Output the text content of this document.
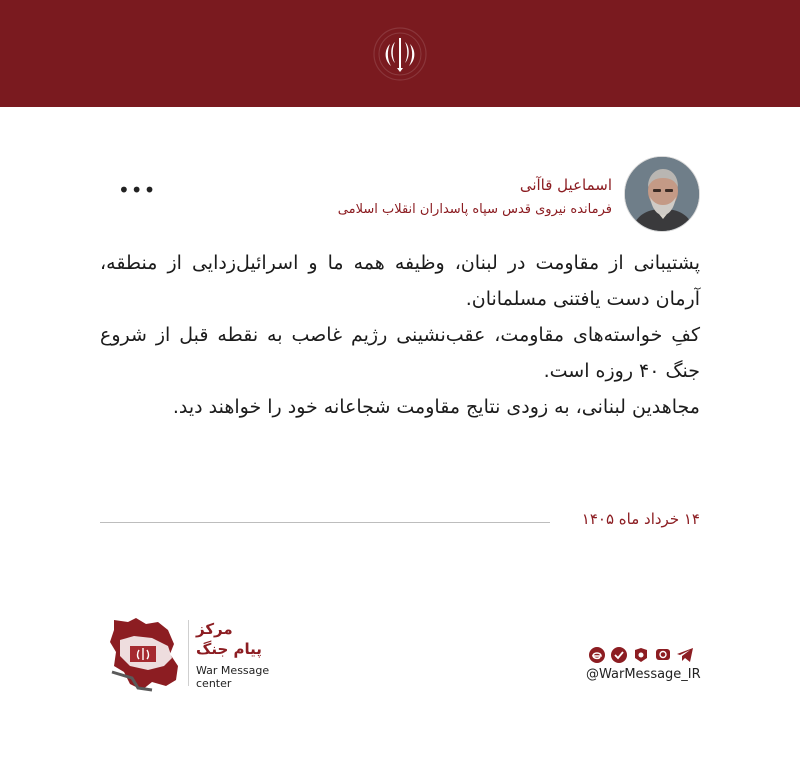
اسماعیل قاآنی
فرمانده نیروی قدس سپاه پاسداران انقلاب اسلامی
•••

پشتیبانی از مقاومت در لبنان، وظیفه همه ما و اسرائیل‌زدایی از منطقه، آرمان دست یافتنی مسلمانان.

کفِ خواسته‌های مقاومت، عقب‌نشینی رژیم غاصب به نقطه قبل از شروع جنگ ۴۰ روزه است.

مجاهدین لبنانی، به زودی نتایج مقاومت شجاعانه خود را خواهند دید.

۱۴ خرداد ماه ۱۴۰۵
مرکز
پیام جنگ
War Message
center
@WarMessage_IR
